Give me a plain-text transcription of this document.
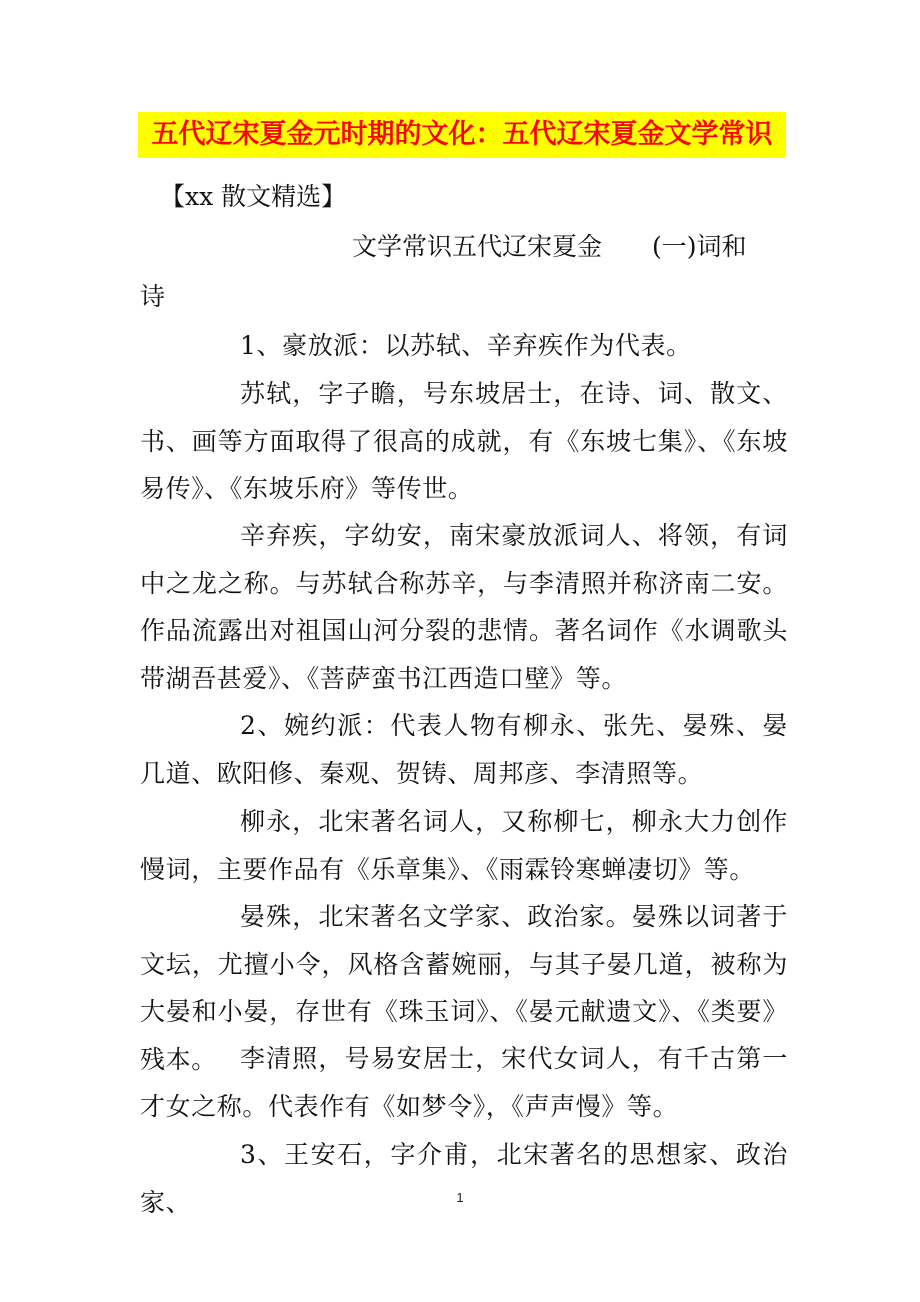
五代辽宋夏金元时期的文化：五代辽宋夏金文学常识
【xx 散文精选】
文学常识五代辽宋夏金 (一)词和
诗
1、豪放派：以苏轼、辛弃疾作为代表。
苏轼，字子瞻，号东坡居士，在诗、词、散文、书、画等方面取得了很高的成就，有《东坡七集》、《东坡易传》、《东坡乐府》等传世。
辛弃疾，字幼安，南宋豪放派词人、将领，有词中之龙之称。与苏轼合称苏辛，与李清照并称济南二安。作品流露出对祖国山河分裂的悲情。著名词作《水调歌头带湖吾甚爱》、《菩萨蛮书江西造口壁》等。
2、婉约派：代表人物有柳永、张先、晏殊、晏几道、欧阳修、秦观、贺铸、周邦彦、李清照等。
柳永，北宋著名词人，又称柳七，柳永大力创作慢词，主要作品有《乐章集》、《雨霖铃寒蝉凄切》等。
晏殊，北宋著名文学家、政治家。晏殊以词著于文坛，尤擅小令，风格含蓄婉丽，与其子晏几道，被称为大晏和小晏，存世有《珠玉词》、《晏元献遗文》、《类要》残本。 李清照，号易安居士，宋代女词人，有千古第一才女之称。代表作有《如梦令》，《声声慢》等。
3、王安石，字介甫，北宋著名的思想家、政治家、	1
